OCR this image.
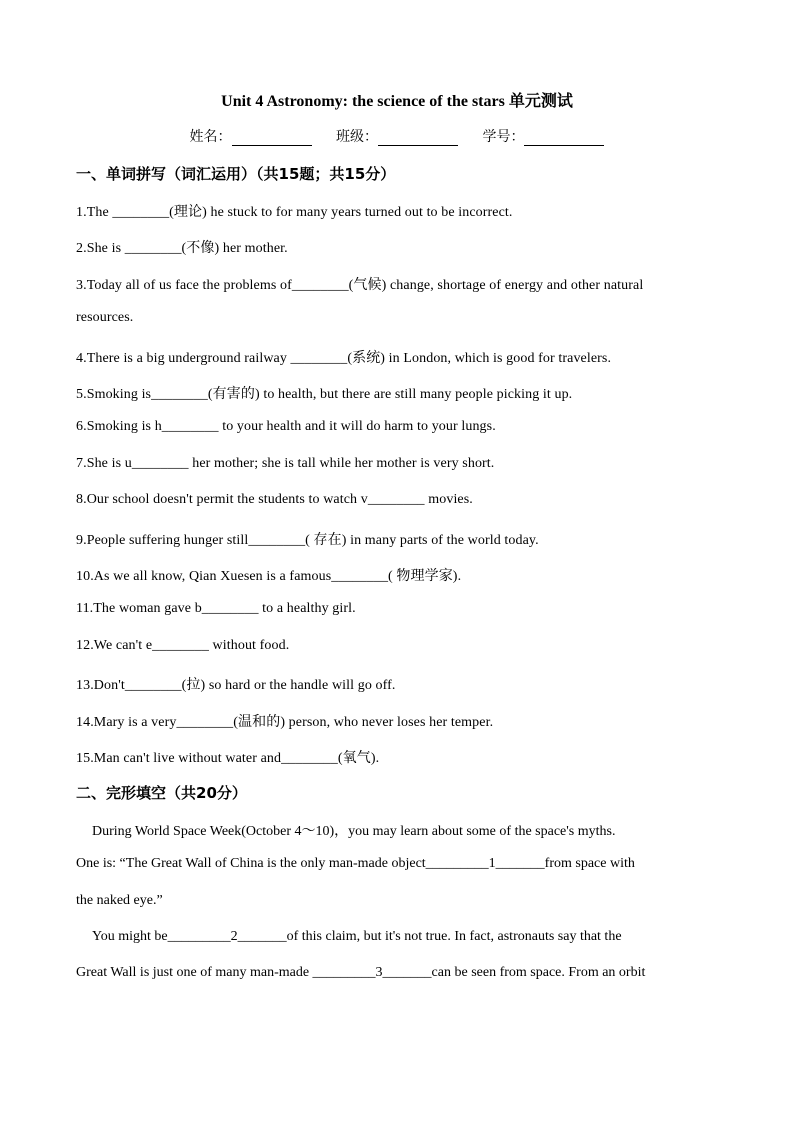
Unit 4 Astronomy: the science of the stars 单元测试
姓名：	班级：	学号：
一、单词拼写（词汇运用）（共15题；共15分）
1.The ________(理论) he stuck to for many years turned out to be incorrect.
2.She is ________(不像) her mother.
3.Today all of us face the problems of________(气候) change, shortage of energy and other natural
resources.
4.There is a big underground railway ________(系统) in London, which is good for travelers.
5.Smoking is________(有害的) to health, but there are still many people picking it up.
6.Smoking is h________ to your health and it will do harm to your lungs.
7.She is u________ her mother; she is tall while her mother is very short.
8.Our school doesn't permit the students to watch v________ movies.
9.People suffering hunger still________( 存在) in many parts of the world today.
10.As we all know, Qian Xuesen is a famous________( 物理学家).
11.The woman gave b________ to a healthy girl.
12.We can't e________ without food.
13.Don't________(拉) so hard or the handle will go off.
14.Mary is a very________(温和的) person, who never loses her temper.
15.Man can't live without water and________(氧气).
二、完形填空（共20分）
During World Space Week(October 4～10)，you may learn about some of the space's myths.
One is: “The Great Wall of China is the only man-made object_________1_______from space with
the naked eye.”
You might be_________2_______of this claim, but it's not true. In fact, astronauts say that the
Great Wall is just one of many man-made _________3_______can be seen from space. From an orbit
